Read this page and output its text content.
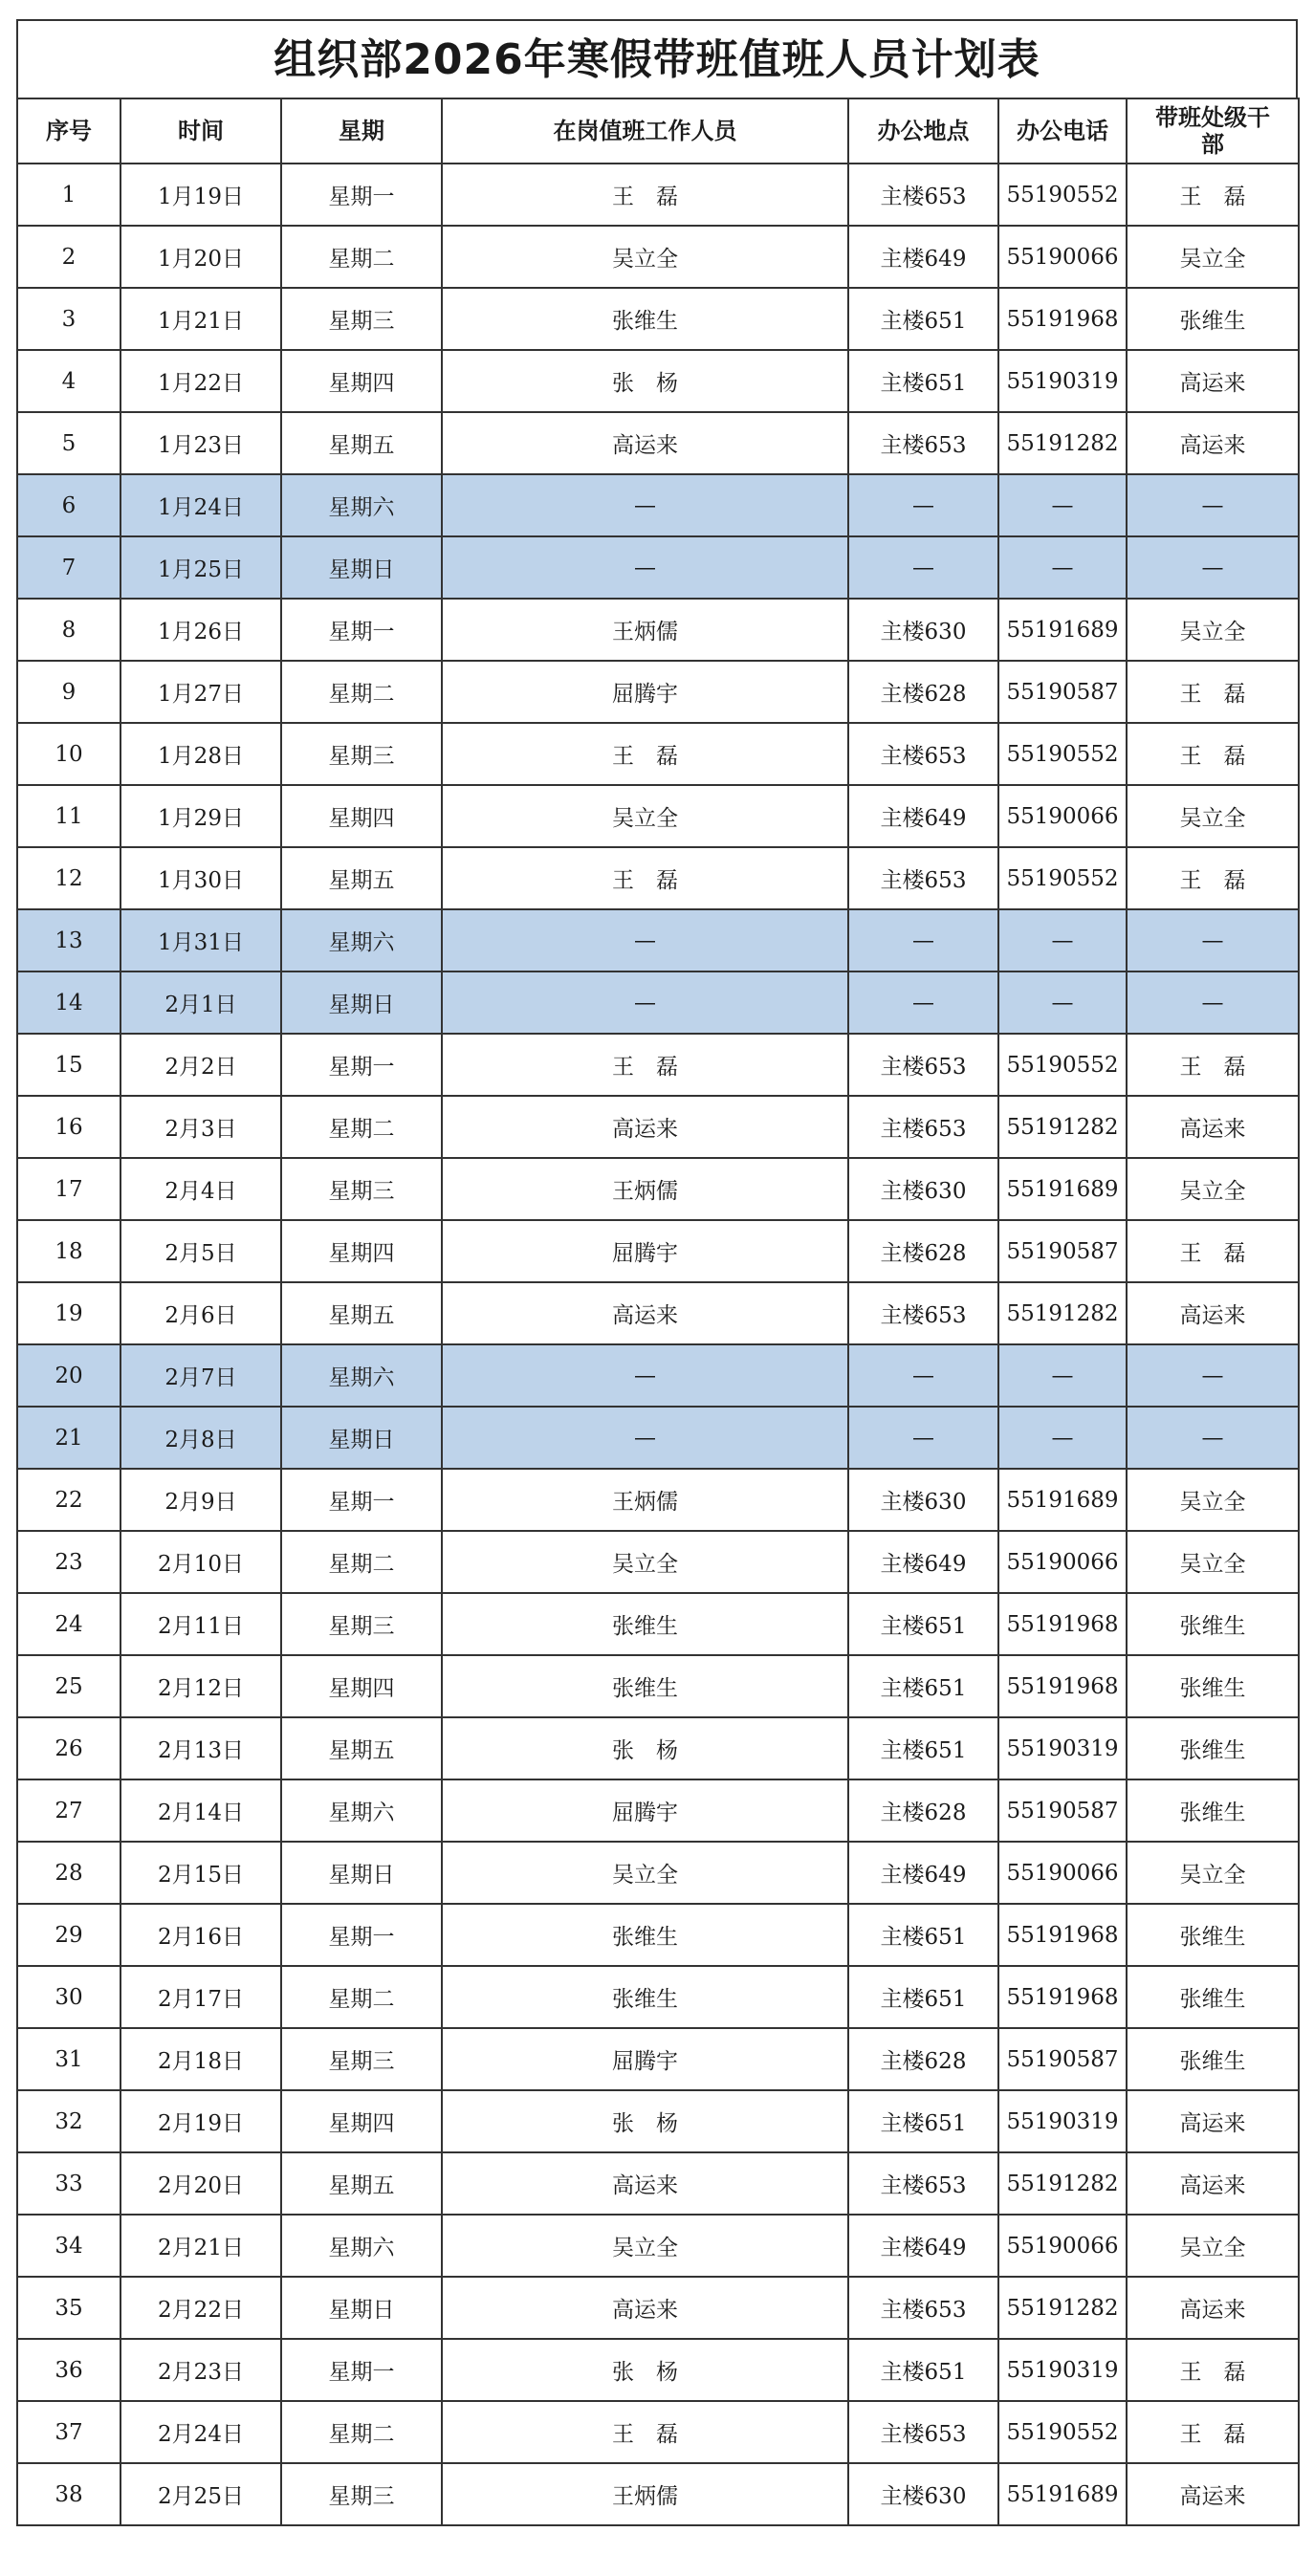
组织部2026年寒假带班值班人员计划表
序号	时间	星期	在岗值班工作人员	办公地点	办公电话	带班处级干部
1	1月19日	星期一	王　磊	主楼653	55190552	王　磊
2	1月20日	星期二	吴立全	主楼649	55190066	吴立全
3	1月21日	星期三	张维生	主楼651	55191968	张维生
4	1月22日	星期四	张　杨	主楼651	55190319	高运来
5	1月23日	星期五	高运来	主楼653	55191282	高运来
6	1月24日	星期六	—	—	—	—
7	1月25日	星期日	—	—	—	—
8	1月26日	星期一	王炳儒	主楼630	55191689	吴立全
9	1月27日	星期二	屈腾宇	主楼628	55190587	王　磊
10	1月28日	星期三	王　磊	主楼653	55190552	王　磊
11	1月29日	星期四	吴立全	主楼649	55190066	吴立全
12	1月30日	星期五	王　磊	主楼653	55190552	王　磊
13	1月31日	星期六	—	—	—	—
14	2月1日	星期日	—	—	—	—
15	2月2日	星期一	王　磊	主楼653	55190552	王　磊
16	2月3日	星期二	高运来	主楼653	55191282	高运来
17	2月4日	星期三	王炳儒	主楼630	55191689	吴立全
18	2月5日	星期四	屈腾宇	主楼628	55190587	王　磊
19	2月6日	星期五	高运来	主楼653	55191282	高运来
20	2月7日	星期六	—	—	—	—
21	2月8日	星期日	—	—	—	—
22	2月9日	星期一	王炳儒	主楼630	55191689	吴立全
23	2月10日	星期二	吴立全	主楼649	55190066	吴立全
24	2月11日	星期三	张维生	主楼651	55191968	张维生
25	2月12日	星期四	张维生	主楼651	55191968	张维生
26	2月13日	星期五	张　杨	主楼651	55190319	张维生
27	2月14日	星期六	屈腾宇	主楼628	55190587	张维生
28	2月15日	星期日	吴立全	主楼649	55190066	吴立全
29	2月16日	星期一	张维生	主楼651	55191968	张维生
30	2月17日	星期二	张维生	主楼651	55191968	张维生
31	2月18日	星期三	屈腾宇	主楼628	55190587	张维生
32	2月19日	星期四	张　杨	主楼651	55190319	高运来
33	2月20日	星期五	高运来	主楼653	55191282	高运来
34	2月21日	星期六	吴立全	主楼649	55190066	吴立全
35	2月22日	星期日	高运来	主楼653	55191282	高运来
36	2月23日	星期一	张　杨	主楼651	55190319	王　磊
37	2月24日	星期二	王　磊	主楼653	55190552	王　磊
38	2月25日	星期三	王炳儒	主楼630	55191689	高运来
